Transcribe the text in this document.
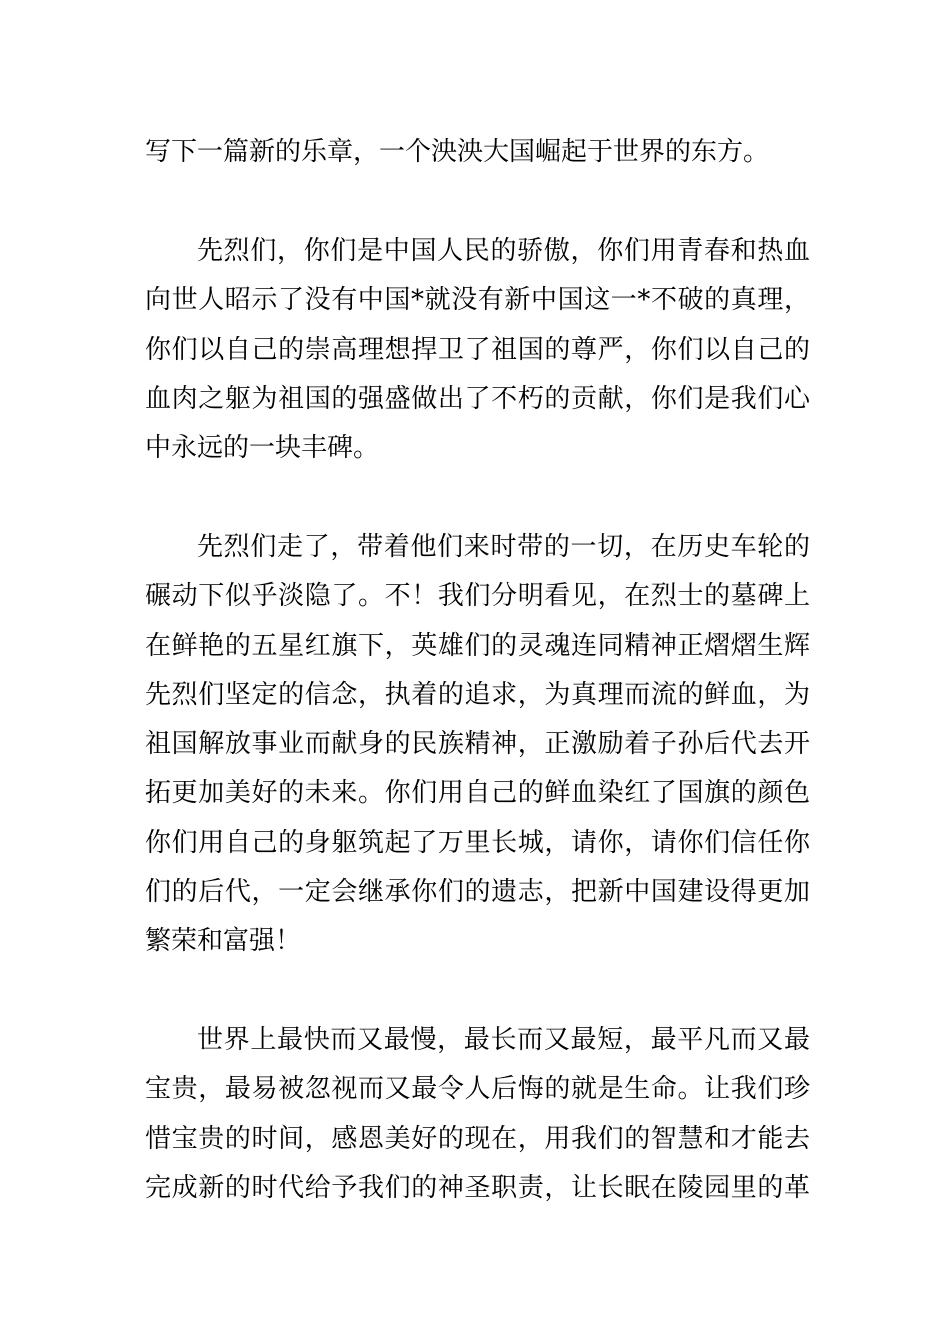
写下一篇新的乐章，一个泱泱大国崛起于世界的东方。
先烈们，你们是中国人民的骄傲，你们用青春和热血
向世人昭示了没有中国*就没有新中国这一*不破的真理，
你们以自己的崇高理想捍卫了祖国的尊严，你们以自己的
血肉之躯为祖国的强盛做出了不朽的贡献，你们是我们心
中永远的一块丰碑。
先烈们走了，带着他们来时带的一切，在历史车轮的
碾动下似乎淡隐了。不！我们分明看见，在烈士的墓碑上
在鲜艳的五星红旗下，英雄们的灵魂连同精神正熠熠生辉
先烈们坚定的信念，执着的追求，为真理而流的鲜血，为
祖国解放事业而献身的民族精神，正激励着子孙后代去开
拓更加美好的未来。你们用自己的鲜血染红了国旗的颜色
你们用自己的身躯筑起了万里长城，请你，请你们信任你
们的后代，一定会继承你们的遗志，把新中国建设得更加
繁荣和富强！
世界上最快而又最慢，最长而又最短，最平凡而又最
宝贵，最易被忽视而又最令人后悔的就是生命。让我们珍
惜宝贵的时间，感恩美好的现在，用我们的智慧和才能去
完成新的时代给予我们的神圣职责，让长眠在陵园里的革
